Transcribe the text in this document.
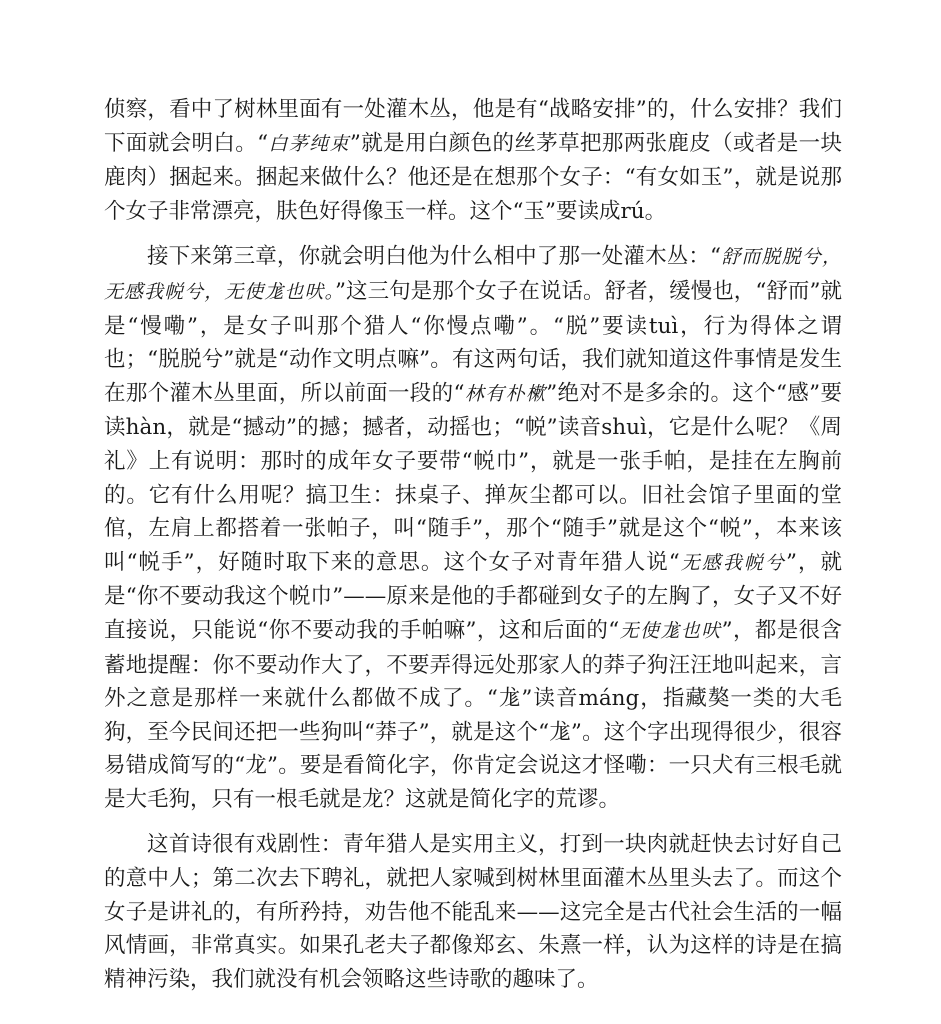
侦察，看中了树林里面有一处灌木丛，他是有“战略安排”的，什么安排？我们下面就会明白。“白茅纯束”就是用白颜色的丝茅草把那两张鹿皮（或者是一块鹿肉）捆起来。捆起来做什么？他还是在想那个女子：“有女如玉”，就是说那个女子非常漂亮，肤色好得像玉一样。这个“玉”要读成rú。

接下来第三章，你就会明白他为什么相中了那一处灌木丛：“舒而脱脱兮，无感我帨兮，无使尨也吠。”这三句是那个女子在说话。舒者，缓慢也，“舒而”就是“慢嘞”，是女子叫那个猎人“你慢点嘞”。“脱”要读tuì，行为得体之谓也；“脱脱兮”就是“动作文明点嘛”。有这两句话，我们就知道这件事情是发生在那个灌木丛里面，所以前面一段的“林有朴樕”绝对不是多余的。这个“感”要读hàn，就是“撼动”的撼；撼者，动摇也；“帨”读音shuì，它是什么呢？《周礼》上有说明：那时的成年女子要带“帨巾”，就是一张手帕，是挂在左胸前的。它有什么用呢？搞卫生：抹桌子、掸灰尘都可以。旧社会馆子里面的堂倌，左肩上都搭着一张帕子，叫“随手”，那个“随手”就是这个“帨”，本来该叫“帨手”，好随时取下来的意思。这个女子对青年猎人说“无感我帨兮”，就是“你不要动我这个帨巾”——原来是他的手都碰到女子的左胸了，女子又不好直接说，只能说“你不要动我的手帕嘛”，这和后面的“无使尨也吠”，都是很含蓄地提醒：你不要动作大了，不要弄得远处那家人的莽子狗汪汪地叫起来，言外之意是那样一来就什么都做不成了。“尨”读音máng，指藏獒一类的大毛狗，至今民间还把一些狗叫“莽子”，就是这个“尨”。这个字出现得很少，很容易错成简写的“龙”。要是看简化字，你肯定会说这才怪嘞：一只犬有三根毛就是大毛狗，只有一根毛就是龙？这就是简化字的荒谬。

这首诗很有戏剧性：青年猎人是实用主义，打到一块肉就赶快去讨好自己的意中人；第二次去下聘礼，就把人家喊到树林里面灌木丛里头去了。而这个女子是讲礼的，有所矜持，劝告他不能乱来——这完全是古代社会生活的一幅风情画，非常真实。如果孔老夫子都像郑玄、朱熹一样，认为这样的诗是在搞精神污染，我们就没有机会领略这些诗歌的趣味了。
